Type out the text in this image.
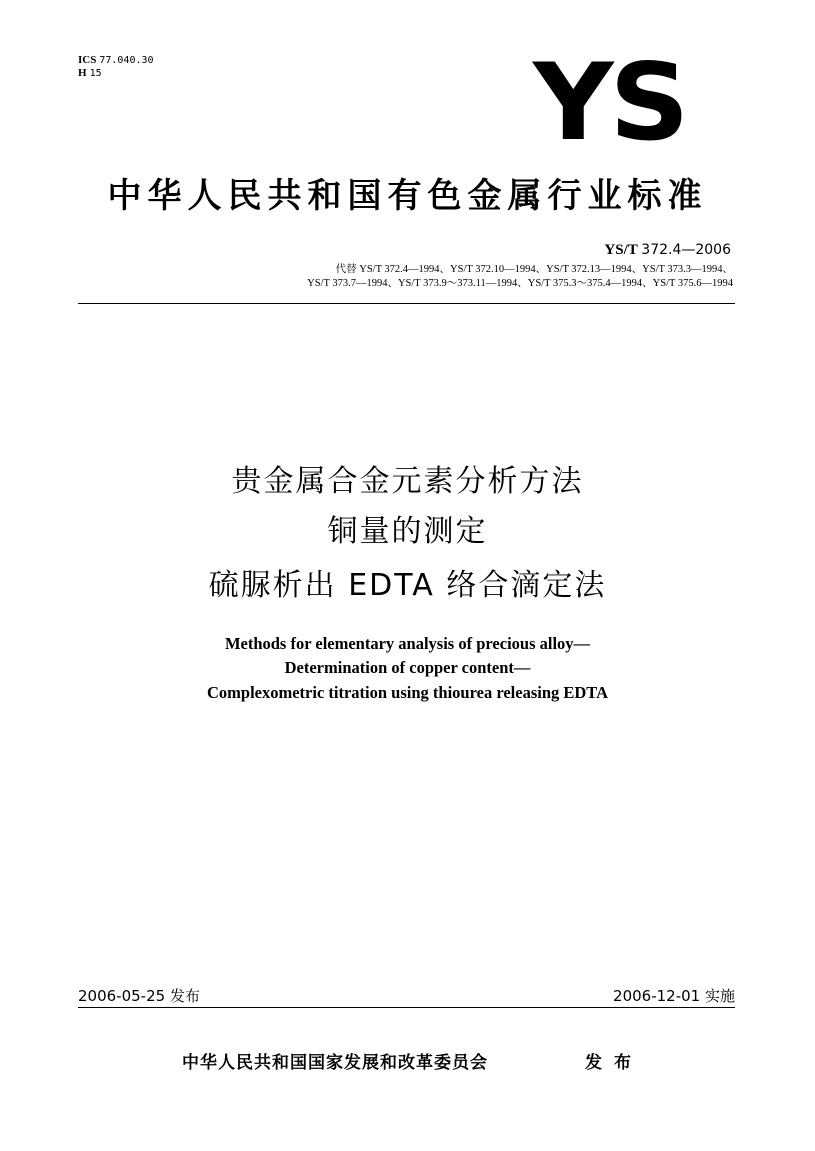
ICS 77.040.30
H 15	YS
中华人民共和国有色金属行业标准
YS/T 372.4—2006
代替 YS/T 372.4—1994、YS/T 372.10—1994、YS/T 372.13—1994、YS/T 373.3—1994、
YS/T 373.7—1994、YS/T 373.9～373.11—1994、YS/T 375.3～375.4—1994、YS/T 375.6—1994
贵金属合金元素分析方法
铜量的测定
硫脲析出 EDTA 络合滴定法
Methods for elementary analysis of precious alloy—
Determination of copper content—
Complexometric titration using thiourea releasing EDTA
2006-05-25 发布	2006-12-01 实施
中华人民共和国国家发展和改革委员会	发布
